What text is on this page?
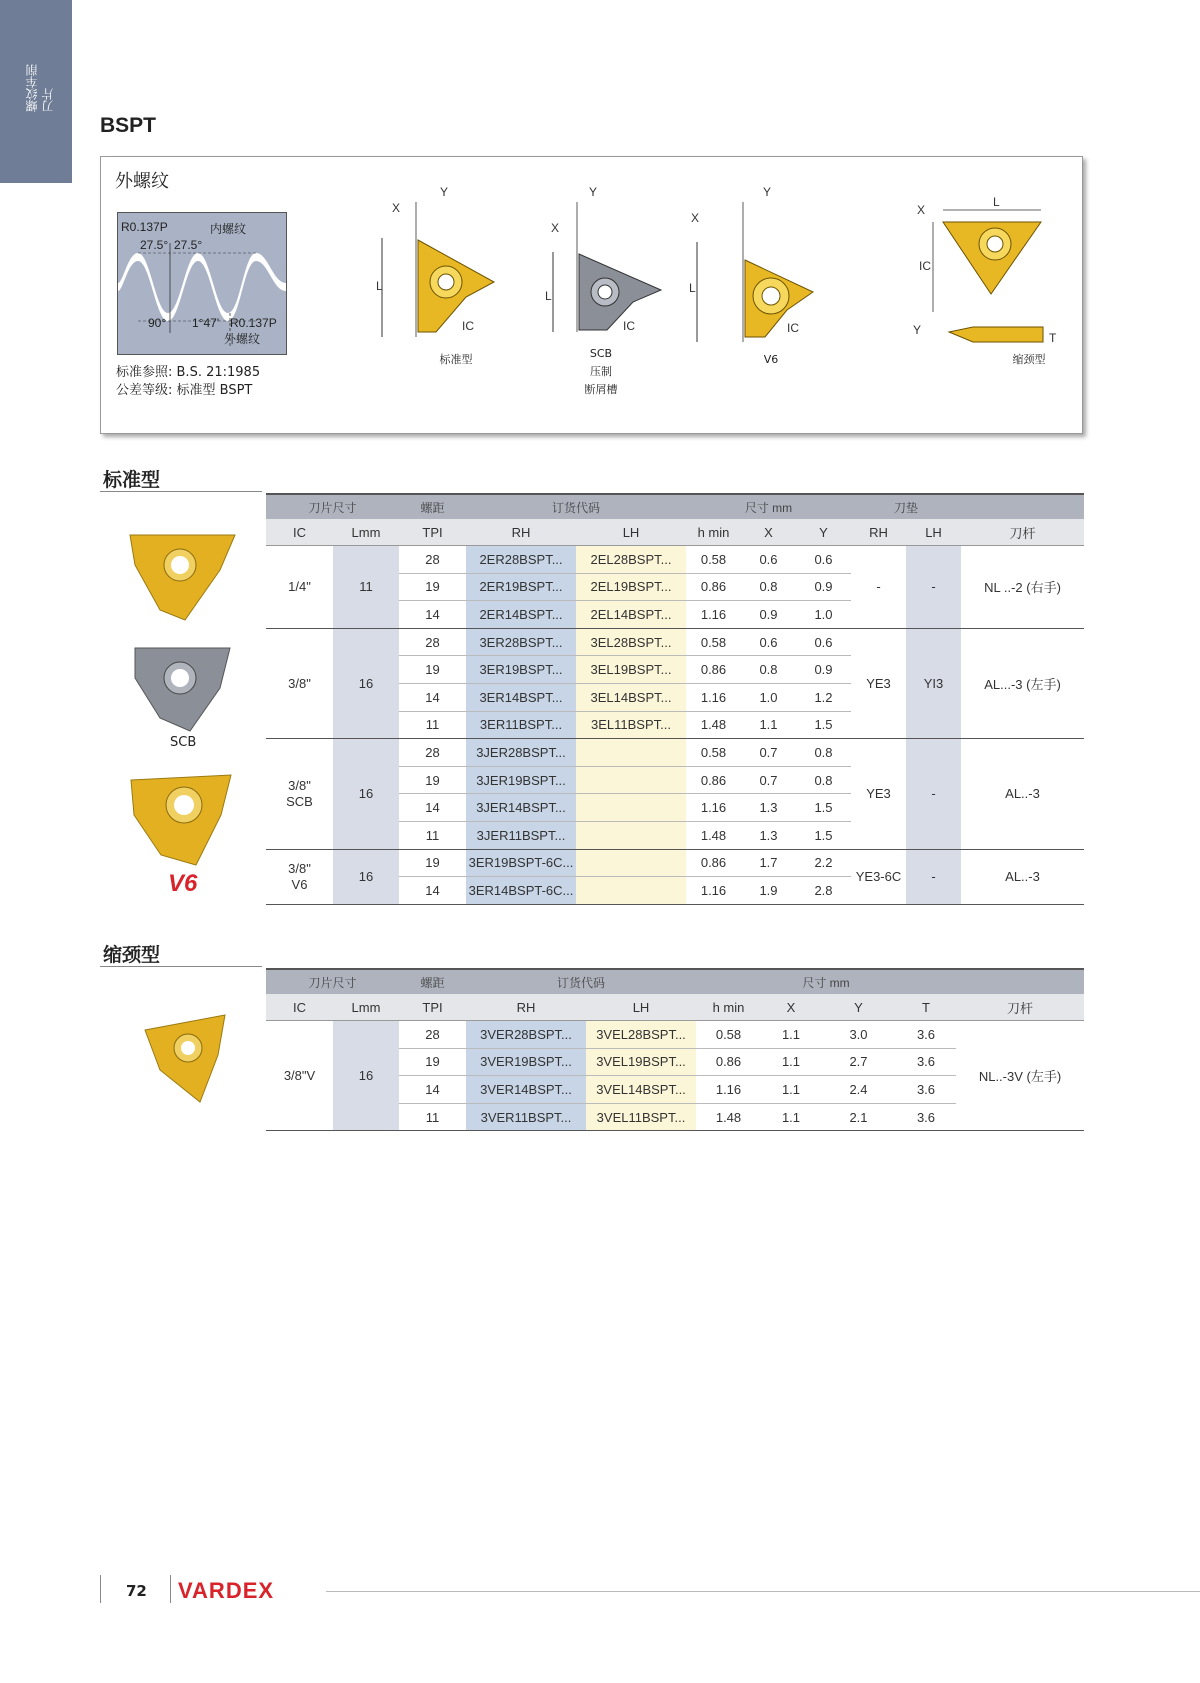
螺纹车削 刀片
BSPT
外螺纹
R0.137P
27.5° 27.5°
内螺纹
90° 1°47' R0.137P
外螺纹
标准参照: B.S. 21:1985
公差等级: 标准型 BSPT
L
X
Y
IC
标准型
L
X
Y
IC
SCB
压制
断屑槽
L
X
Y
IC
V6
X
L
IC
Y
T
缩颈型
标准型
SCB
V6
刀片尺寸		螺距	订货代码		尺寸 mm			刀垫		
IC	Lmm	TPI	RH	LH	h min	X	Y	RH	LH	刀杆
1/4"	11	28	2ER28BSPT...	2EL28BSPT...	0.58	0.6	0.6	-	-	NL ..-2 (右手)
		19	2ER19BSPT...	2EL19BSPT...	0.86	0.8	0.9			
		14	2ER14BSPT...	2EL14BSPT...	1.16	0.9	1.0			
3/8"	16	28	3ER28BSPT...	3EL28BSPT...	0.58	0.6	0.6	YE3	YI3	AL...-3 (左手)
		19	3ER19BSPT...	3EL19BSPT...	0.86	0.8	0.9			
		14	3ER14BSPT...	3EL14BSPT...	1.16	1.0	1.2			
		11	3ER11BSPT...	3EL11BSPT...	1.48	1.1	1.5			
3/8"
SCB	16	28	3JER28BSPT...		0.58	0.7	0.8	YE3	-	AL..-3
		19	3JER19BSPT...		0.86	0.7	0.8			
		14	3JER14BSPT...		1.16	1.3	1.5			
		11	3JER11BSPT...		1.48	1.3	1.5			
3/8"
V6	16	19	3ER19BSPT-6C...		0.86	1.7	2.2	YE3-6C	-	AL..-3
		14	3ER14BSPT-6C...		1.16	1.9	2.8			
缩颈型
刀片尺寸		螺距	订货代码		尺寸 mm				
IC	Lmm	TPI	RH	LH	h min	X	Y	T	刀杆
3/8"V	16	28	3VER28BSPT...	3VEL28BSPT...	0.58	1.1	3.0	3.6	NL..-3V (左手)
		19	3VER19BSPT...	3VEL19BSPT...	0.86	1.1	2.7	3.6	
		14	3VER14BSPT...	3VEL14BSPT...	1.16	1.1	2.4	3.6	
		11	3VER11BSPT...	3VEL11BSPT...	1.48	1.1	2.1	3.6	
72 VARDEX
